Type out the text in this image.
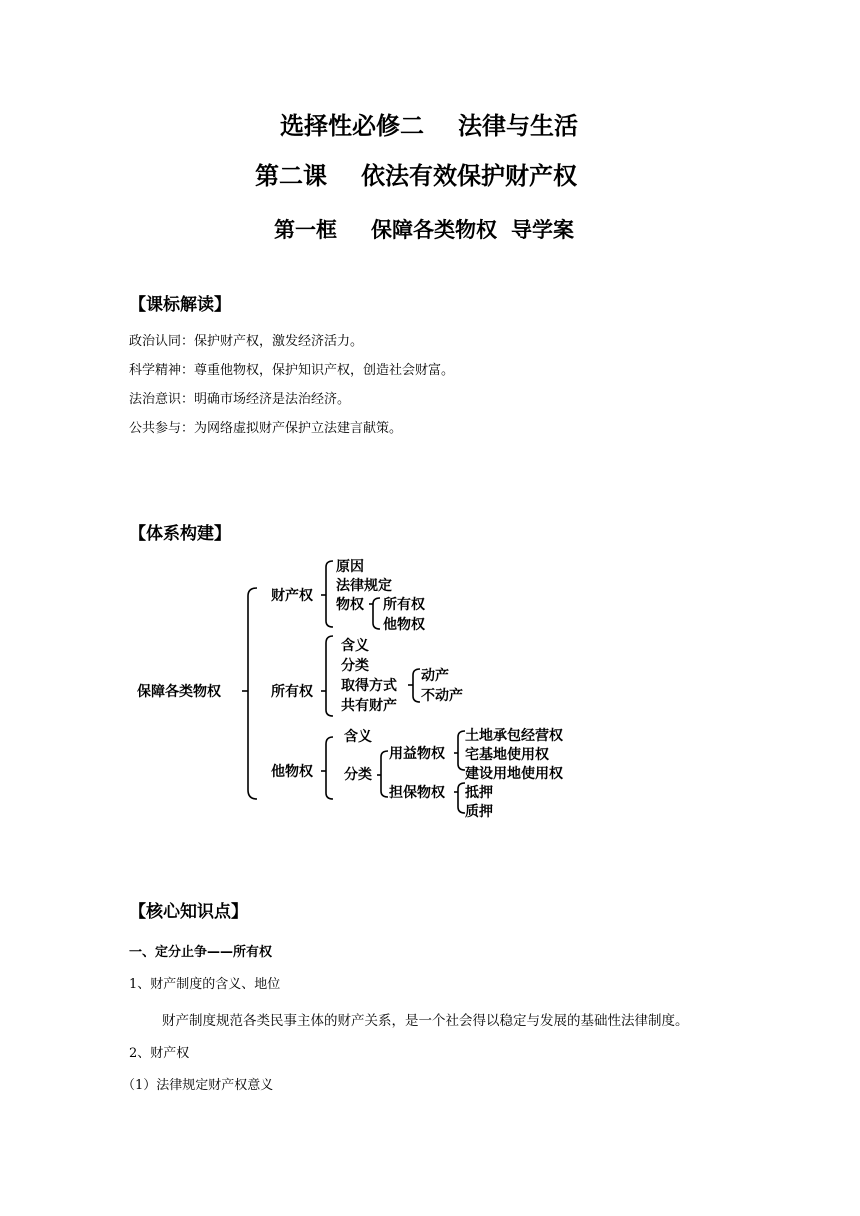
选择性必修二 法律与生活
第二课 依法有效保护财产权
第一框 保障各类物权 导学案
【课标解读】
政治认同：保护财产权，激发经济活力。
科学精神：尊重他物权，保护知识产权，创造社会财富。
法治意识：明确市场经济是法治经济。
公共参与：为网络虚拟财产保护立法建言献策。
【体系构建】
保障各类物权
财产权
原因
法律规定
物权 所有权
他物权
所有权
含义
分类
取得方式
共有财产
动产
不动产
他物权
含义
分类
用益物权
担保物权
土地承包经营权
宅基地使用权
建设用地使用权
抵押
质押
【核心知识点】
一、定分止争——所有权
1、财产制度的含义、地位
财产制度规范各类民事主体的财产关系，是一个社会得以稳定与发展的基础性法律制度。
2、财产权
（1）法律规定财产权意义
